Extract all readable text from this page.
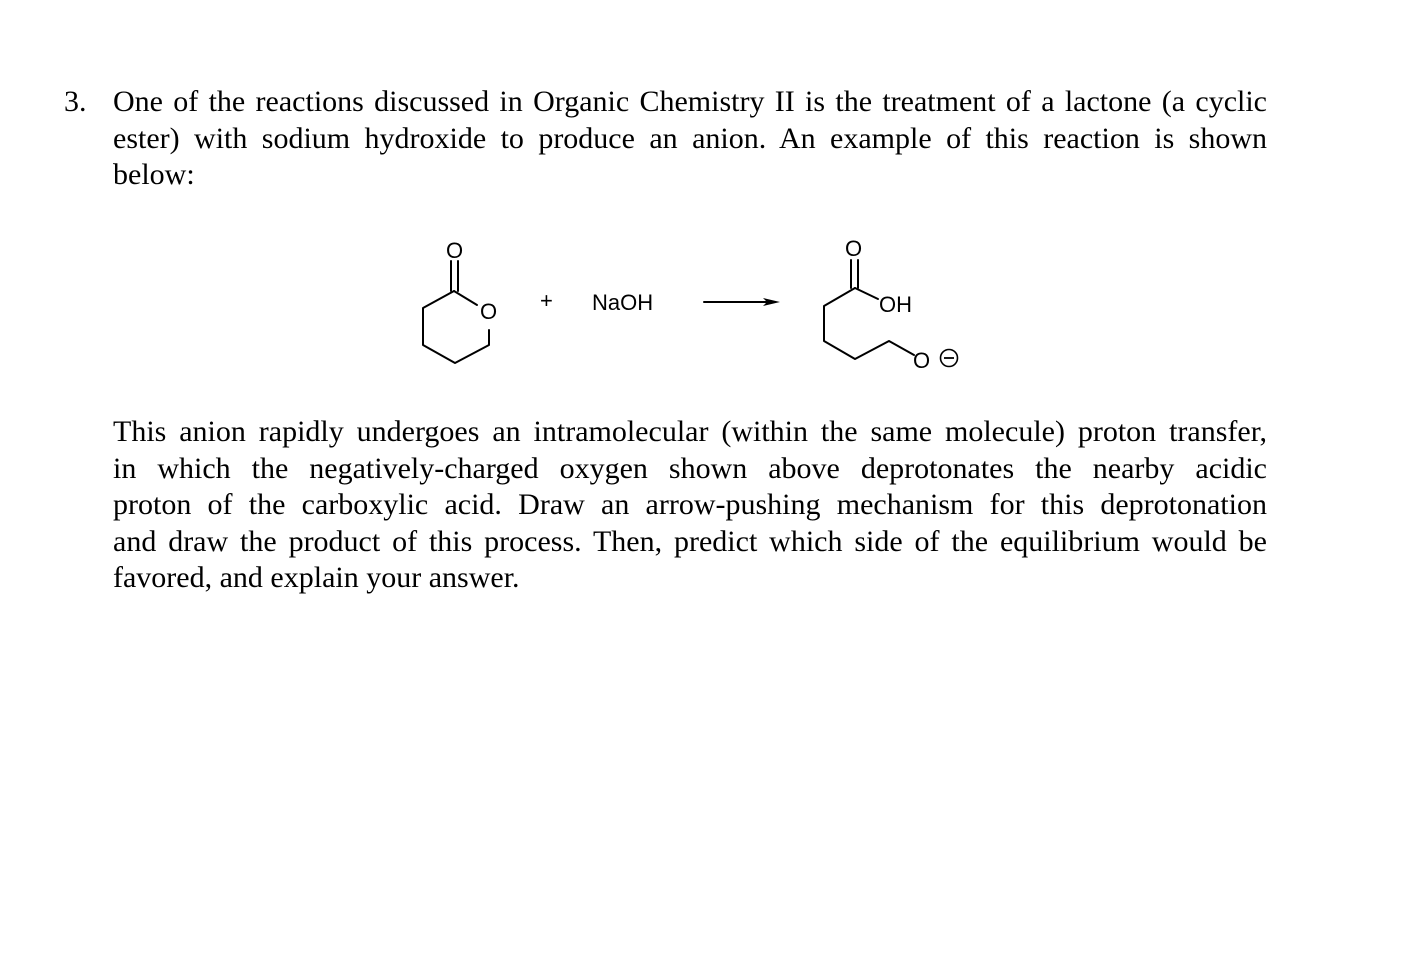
3. One of the reactions discussed in Organic Chemistry II is the treatment of a lactone (a cyclic
ester) with sodium hydroxide to produce an anion. An example of this reaction is shown
below:

O
O
+ NaOH
O
OH
O

This anion rapidly undergoes an intramolecular (within the same molecule) proton transfer,
in which the negatively-charged oxygen shown above deprotonates the nearby acidic
proton of the carboxylic acid. Draw an arrow-pushing mechanism for this deprotonation
and draw the product of this process. Then, predict which side of the equilibrium would be
favored, and explain your answer.
